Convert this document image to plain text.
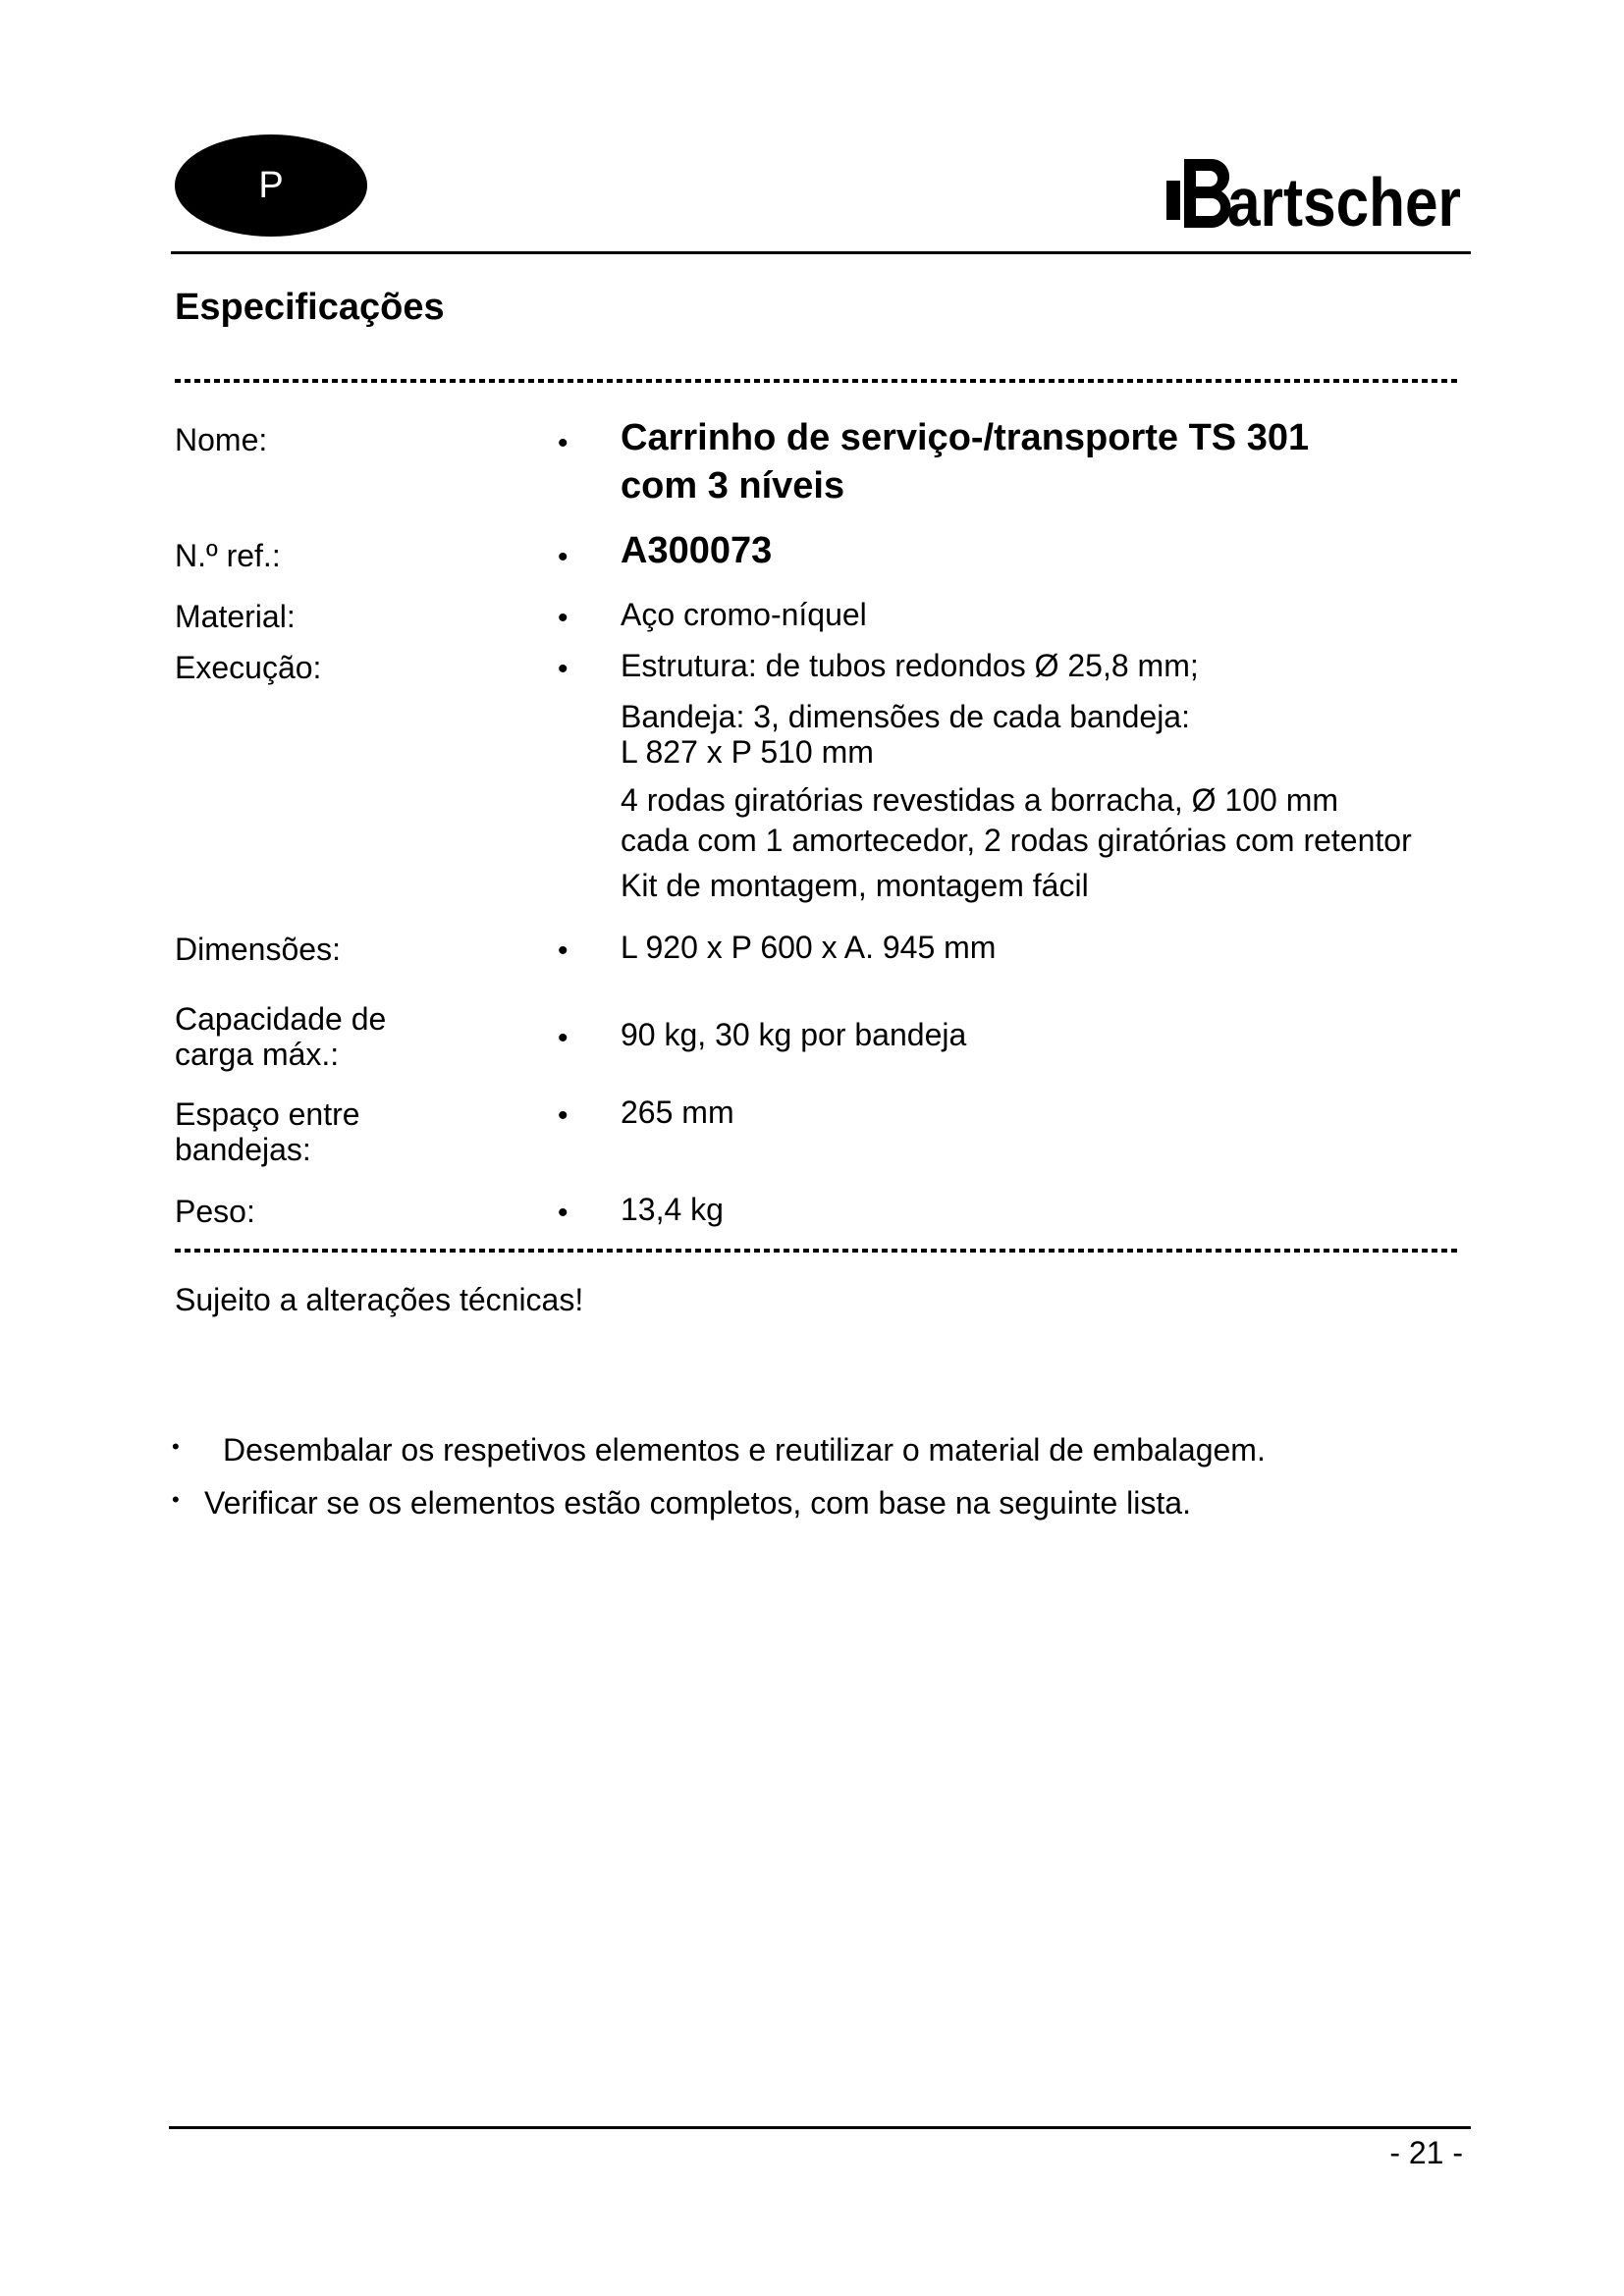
P	artscher
Especificações
Nome:	• Carrinho de serviço-/transporte TS 301
com 3 níveis
N.º ref.:	• A300073
Material:	• Aço cromo-níquel
Execução:	• Estrutura: de tubos redondos Ø 25,8 mm;
Bandeja: 3, dimensões de cada bandeja:
L 827 x P 510 mm
4 rodas giratórias revestidas a borracha, Ø 100 mm
cada com 1 amortecedor, 2 rodas giratórias com retentor
Kit de montagem, montagem fácil
Dimensões:	• L 920 x P 600 x A. 945 mm
Capacidade de
carga máx.:	• 90 kg, 30 kg por bandeja
Espaço entre
bandejas:
• 265 mm
Peso:	• 13,4 kg
Sujeito a alterações técnicas!
• Desembalar os respetivos elementos e reutilizar o material de embalagem.
• Verificar se os elementos estão completos, com base na seguinte lista.
- 21 -
